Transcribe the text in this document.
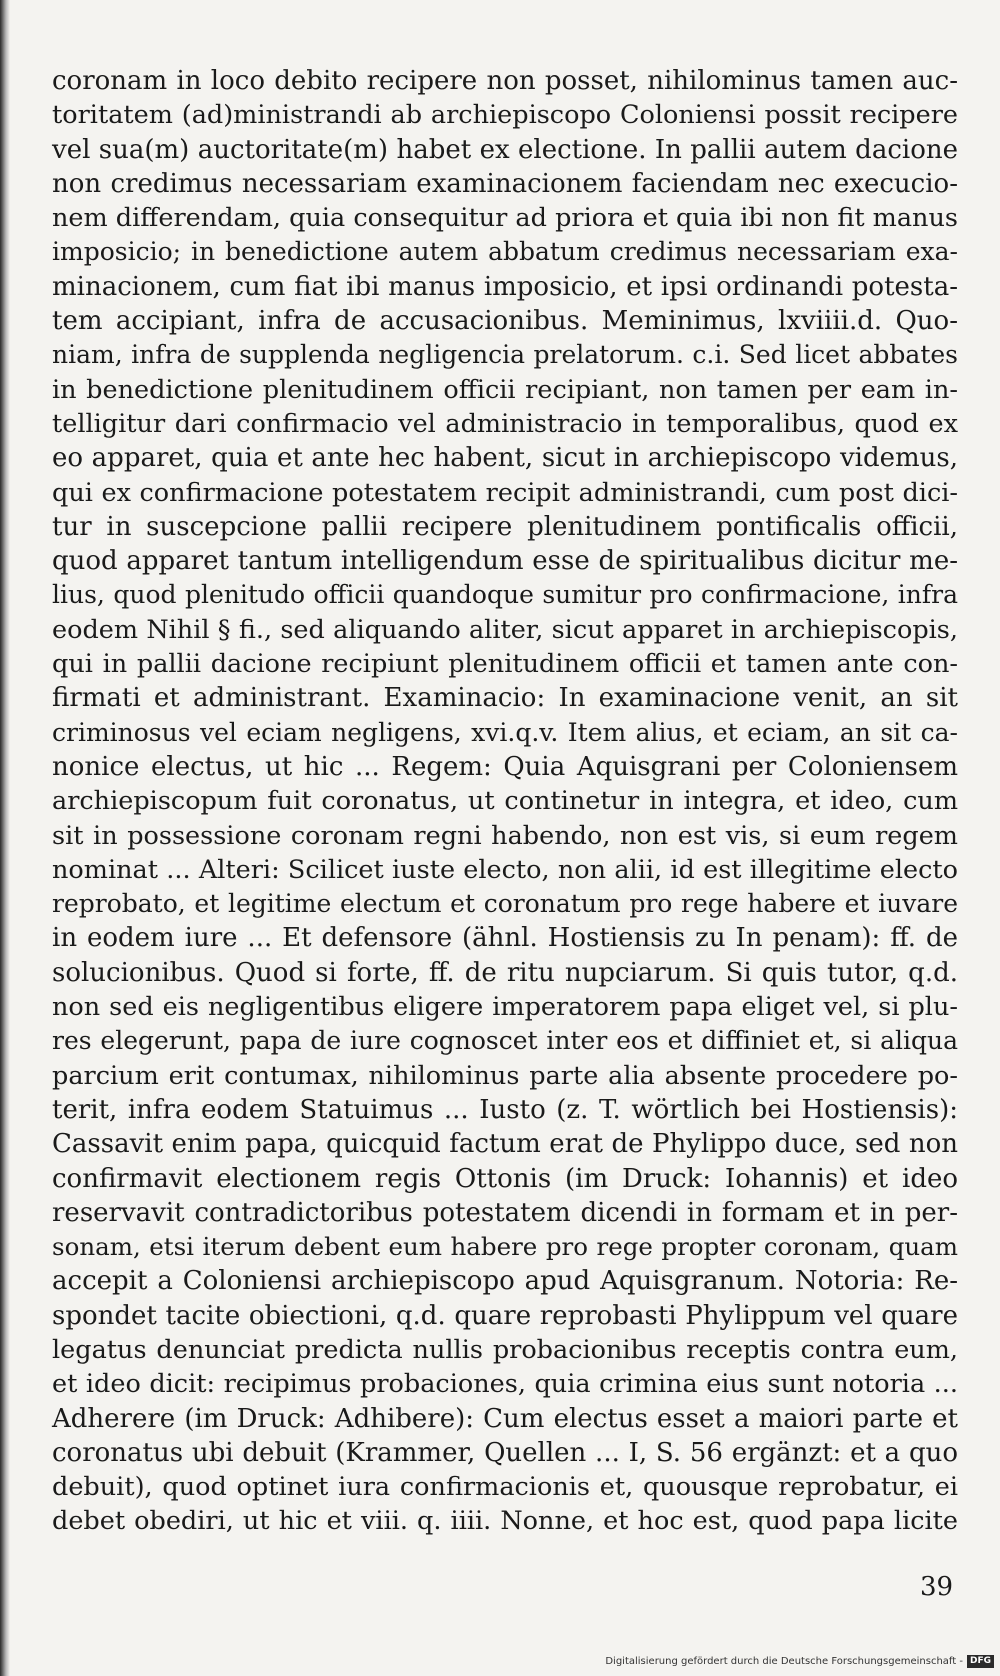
coronam in loco debito recipere non posset, nihilominus tamen auc-
toritatem (ad)ministrandi ab archiepiscopo Coloniensi possit recipere
vel sua(m) auctoritate(m) habet ex electione. In pallii autem dacione
non credimus necessariam examinacionem faciendam nec execucio-
nem differendam, quia consequitur ad priora et quia ibi non fit manus
imposicio; in benedictione autem abbatum credimus necessariam exa-
minacionem, cum fiat ibi manus imposicio, et ipsi ordinandi potesta-
tem accipiant, infra de accusacionibus. Meminimus, lxviiii.d. Quo-
niam, infra de supplenda negligencia prelatorum. c.i. Sed licet abbates
in benedictione plenitudinem officii recipiant, non tamen per eam in-
telligitur dari confirmacio vel administracio in temporalibus, quod ex
eo apparet, quia et ante hec habent, sicut in archiepiscopo videmus,
qui ex confirmacione potestatem recipit administrandi, cum post dici-
tur in suscepcione pallii recipere plenitudinem pontificalis officii,
quod apparet tantum intelligendum esse de spiritualibus dicitur me-
lius, quod plenitudo officii quandoque sumitur pro confirmacione, infra
eodem Nihil § fi., sed aliquando aliter, sicut apparet in archiepiscopis,
qui in pallii dacione recipiunt plenitudinem officii et tamen ante con-
firmati et administrant. Examinacio: In examinacione venit, an sit
criminosus vel eciam negligens, xvi.q.v. Item alius, et eciam, an sit ca-
nonice electus, ut hic ... Regem: Quia Aquisgrani per Coloniensem
archiepiscopum fuit coronatus, ut continetur in integra, et ideo, cum
sit in possessione coronam regni habendo, non est vis, si eum regem
nominat ... Alteri: Scilicet iuste electo, non alii, id est illegitime electo
reprobato, et legitime electum et coronatum pro rege habere et iuvare
in eodem iure ... Et defensore (ähnl. Hostiensis zu In penam): ff. de
solucionibus. Quod si forte, ff. de ritu nupciarum. Si quis tutor, q.d.
non sed eis negligentibus eligere imperatorem papa eliget vel, si plu-
res elegerunt, papa de iure cognoscet inter eos et diffiniet et, si aliqua
parcium erit contumax, nihilominus parte alia absente procedere po-
terit, infra eodem Statuimus ... Iusto (z. T. wörtlich bei Hostiensis):
Cassavit enim papa, quicquid factum erat de Phylippo duce, sed non
confirmavit electionem regis Ottonis (im Druck: Iohannis) et ideo
reservavit contradictoribus potestatem dicendi in formam et in per-
sonam, etsi iterum debent eum habere pro rege propter coronam, quam
accepit a Coloniensi archiepiscopo apud Aquisgranum. Notoria: Re-
spondet tacite obiectioni, q.d. quare reprobasti Phylippum vel quare
legatus denunciat predicta nullis probacionibus receptis contra eum,
et ideo dicit: recipimus probaciones, quia crimina eius sunt notoria ...
Adherere (im Druck: Adhibere): Cum electus esset a maiori parte et
coronatus ubi debuit (Krammer, Quellen ... I, S. 56 ergänzt: et a quo
debuit), quod optinet iura confirmacionis et, quousque reprobatur, ei
debet obediri, ut hic et viii. q. iiii. Nonne, et hoc est, quod papa licite
39
Digitalisierung gefördert durch die Deutsche Forschungsgemeinschaft - DFG
